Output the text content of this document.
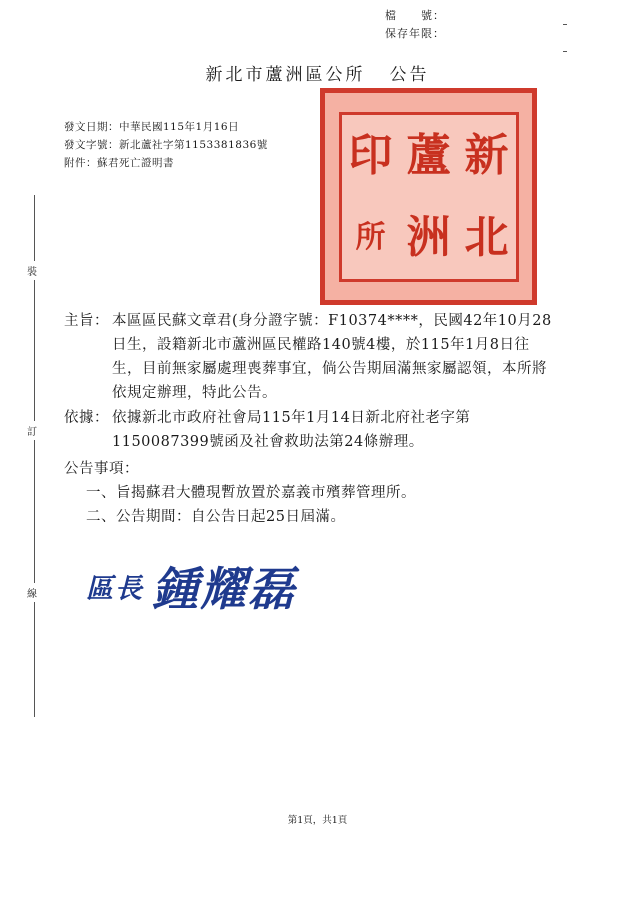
檔　　號：
保存年限：
新北市蘆洲區公所 公告
發文日期：中華民國115年1月16日
發文字號：新北蘆社字第1153381836號
附件：蘇君死亡證明書	印 蘆 新
所 洲 北
裝
訂
線
主旨： 本區區民蘇文章君(身分證字號：F10374****，民國42年10月28日生，設籍新北市蘆洲區民權路140號4樓，於115年1月8日往生，目前無家屬處理喪葬事宜，倘公告期屆滿無家屬認領，本所將依規定辦理，特此公告。
依據： 依據新北市政府社會局115年1月14日新北府社老字第1150087399號函及社會救助法第24條辦理。
公告事項：
一、旨揭蘇君大體現暫放置於嘉義市殯葬管理所。
二、公告期間：自公告日起25日屆滿。
區長 鍾耀磊
第1頁，共1頁
